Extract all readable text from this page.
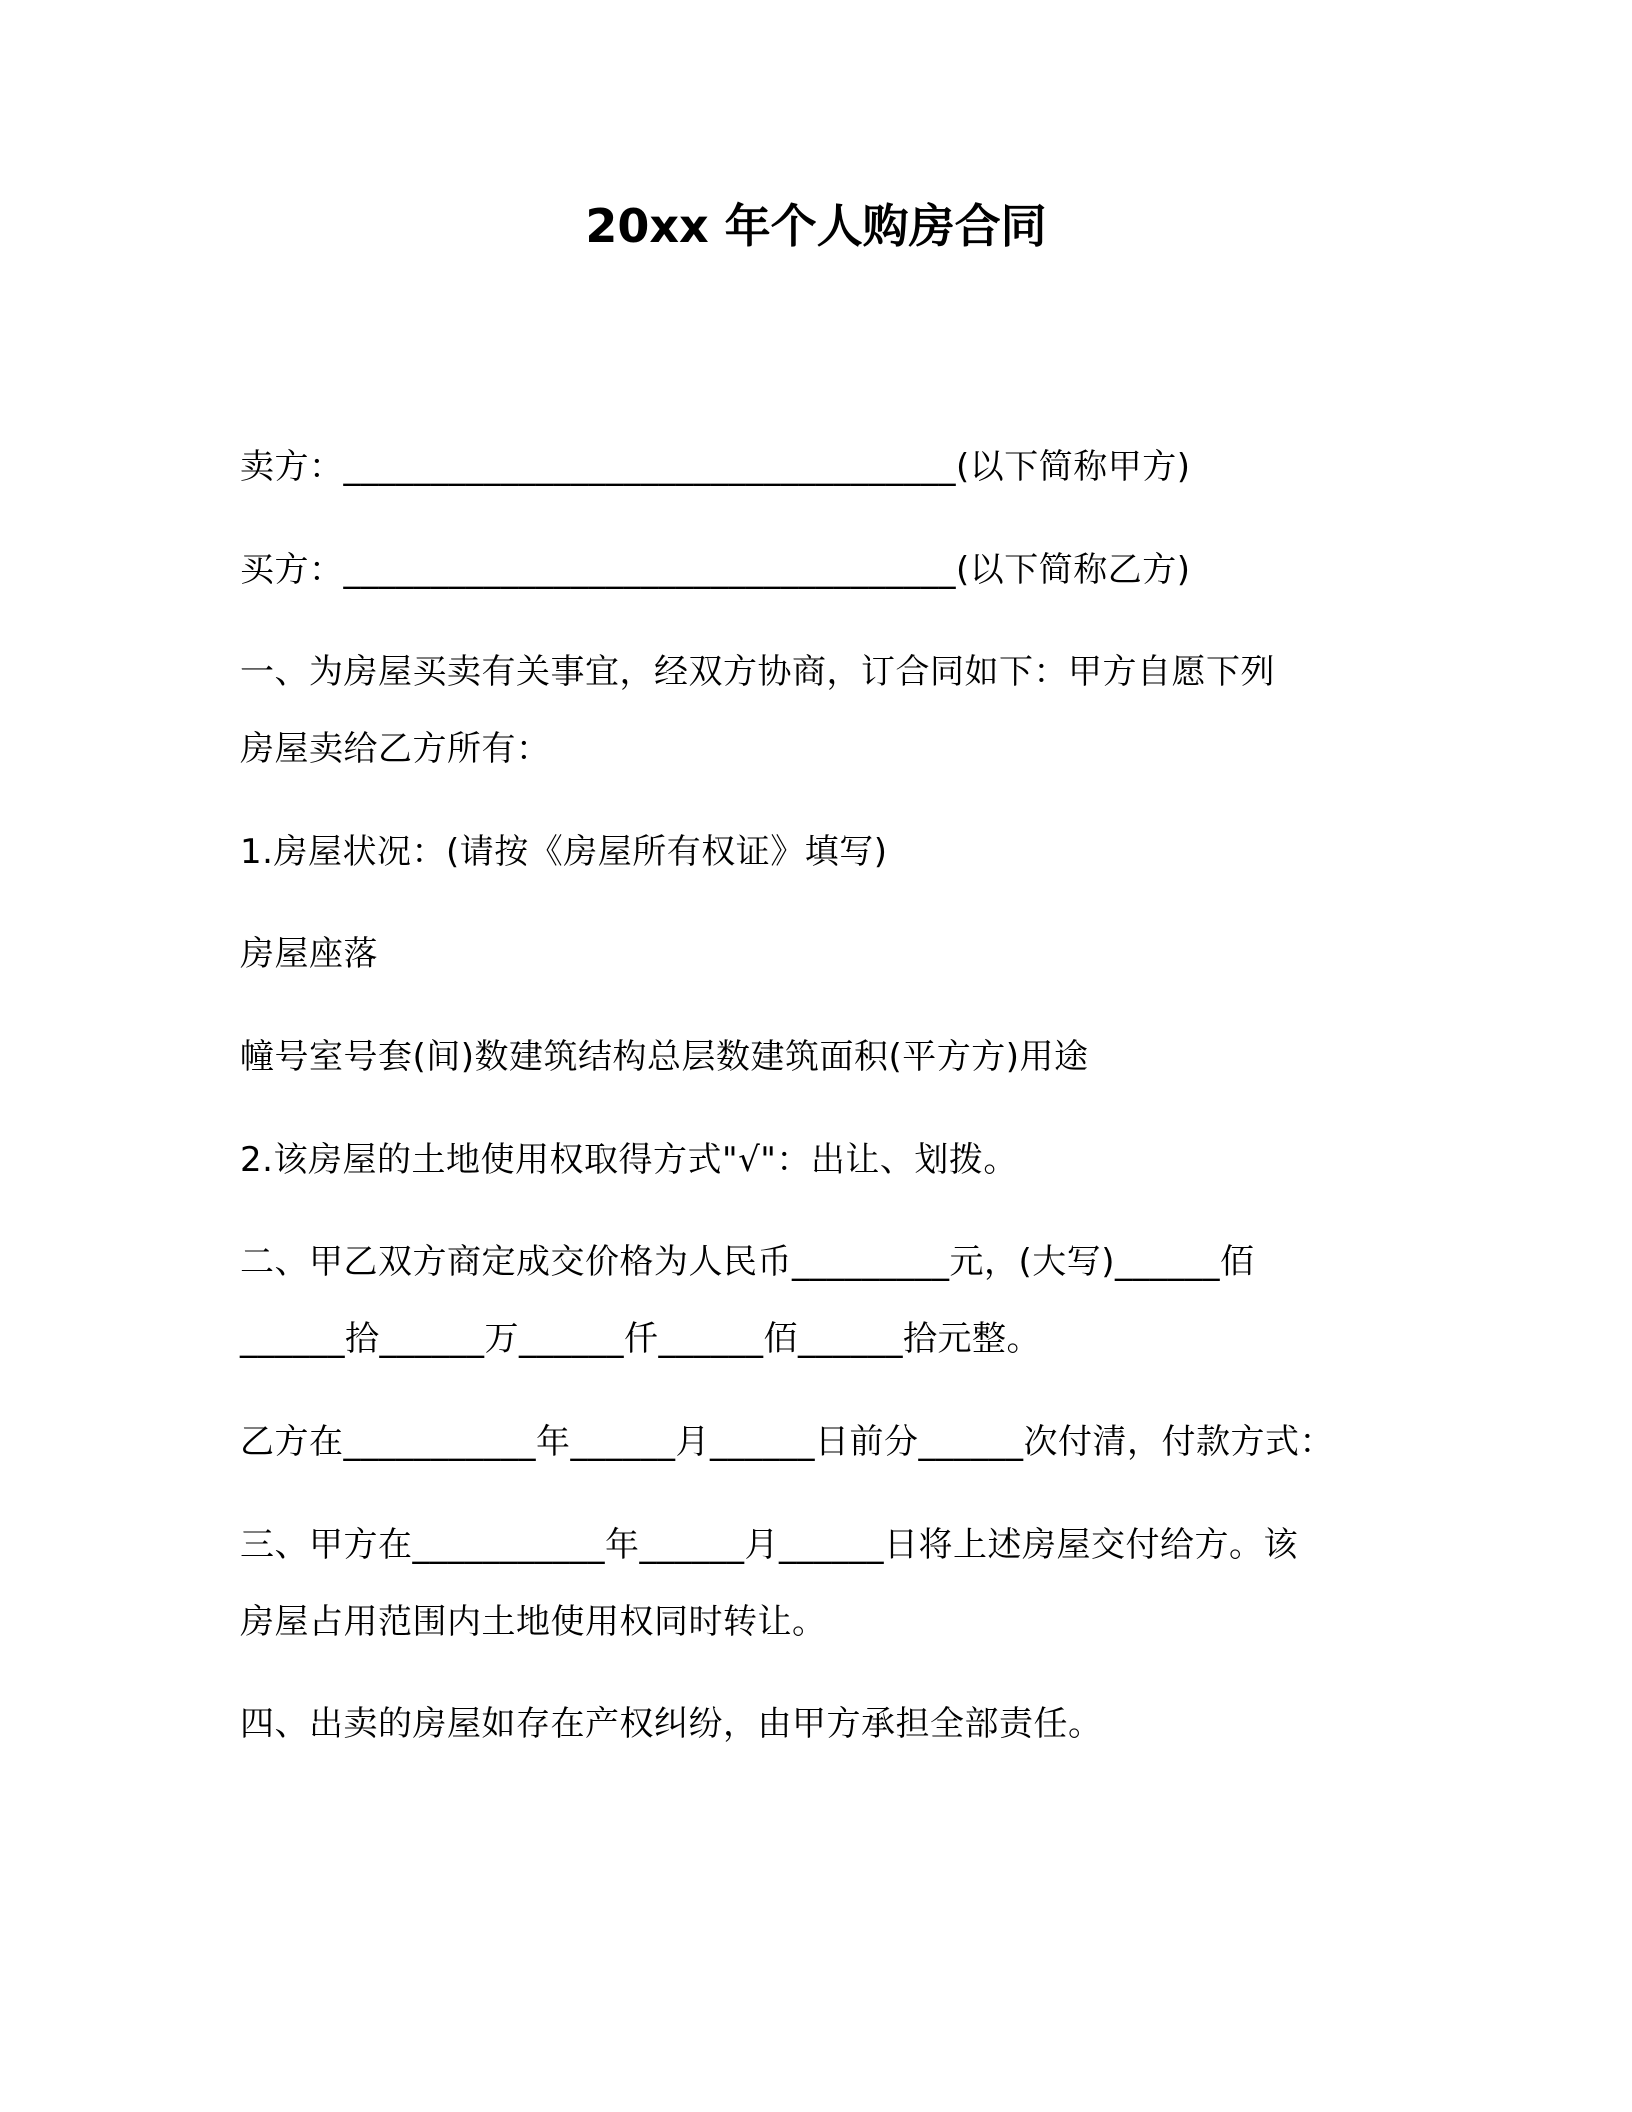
20xx 年个人购房合同
卖方：___________________________________(以下简称甲方)
买方：___________________________________(以下简称乙方)
一、为房屋买卖有关事宜，经双方协商，订合同如下：甲方自愿下列
房屋卖给乙方所有：
1.房屋状况：(请按《房屋所有权证》填写)
房屋座落
幢号室号套(间)数建筑结构总层数建筑面积(平方方)用途
2.该房屋的土地使用权取得方式"√"：出让、划拨。
二、甲乙双方商定成交价格为人民币_________元，(大写)______佰
______拾______万______仟______佰______拾元整。
乙方在___________年______月______日前分______次付清，付款方式：
三、甲方在___________年______月______日将上述房屋交付给方。该
房屋占用范围内土地使用权同时转让。
四、出卖的房屋如存在产权纠纷，由甲方承担全部责任。
